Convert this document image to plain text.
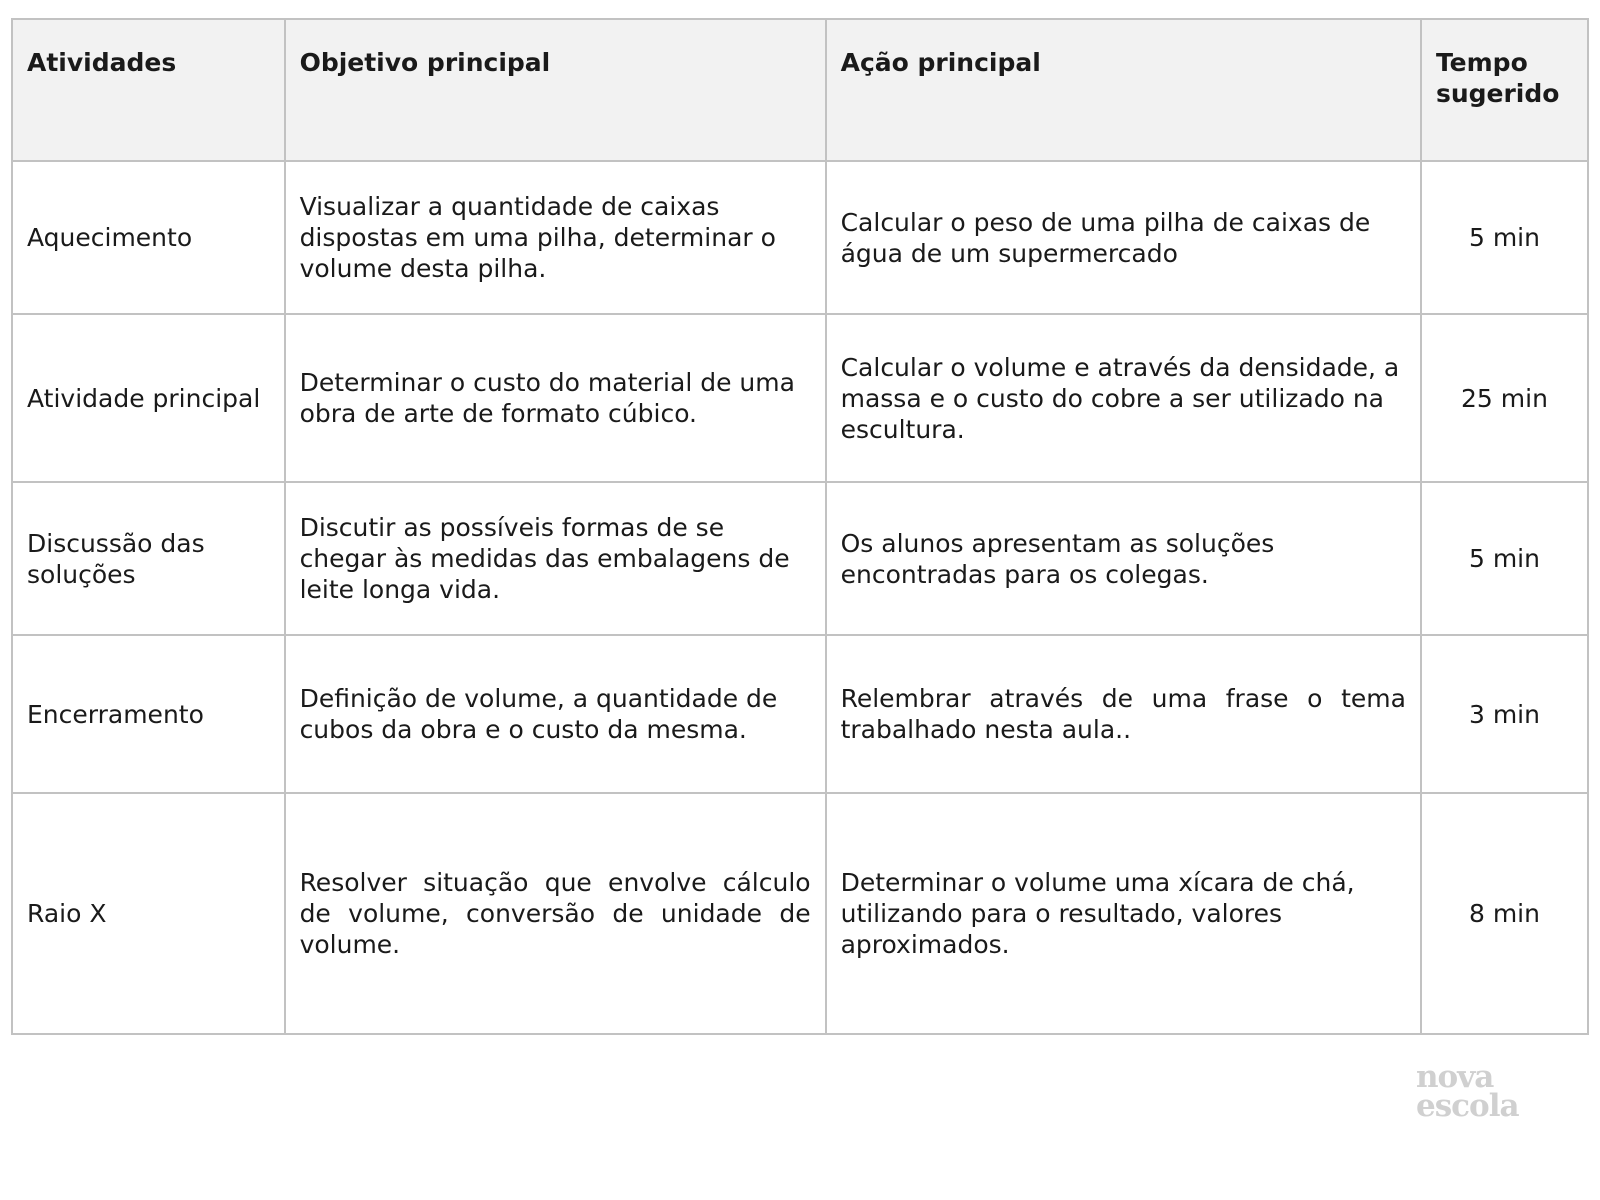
Atividades	Objetivo principal	Ação principal	Tempo sugerido
Aquecimento	Visualizar a quantidade de caixas dispostas em uma pilha, determinar o volume desta pilha.	Calcular o peso de uma pilha de caixas de água de um supermercado	5 min
Atividade principal	Determinar o custo do material de uma obra de arte de formato cúbico.	Calcular o volume e através da densidade, a massa e o custo do cobre a ser utilizado na escultura.	25 min
Discussão das soluções	Discutir as possíveis formas de se chegar às medidas das embalagens de leite longa vida.	Os alunos apresentam as soluções encontradas para os colegas.	5 min
Encerramento	Definição de volume, a quantidade de cubos da obra e o custo da mesma.	Relembrar através de uma frase o tema trabalhado nesta aula..	3 min
Raio X	Resolver situação que envolve cálculo de volume, conversão de unidade de volume.	Determinar o volume uma xícara de chá, utilizando para o resultado, valores aproximados.	8 min
nova
escola
